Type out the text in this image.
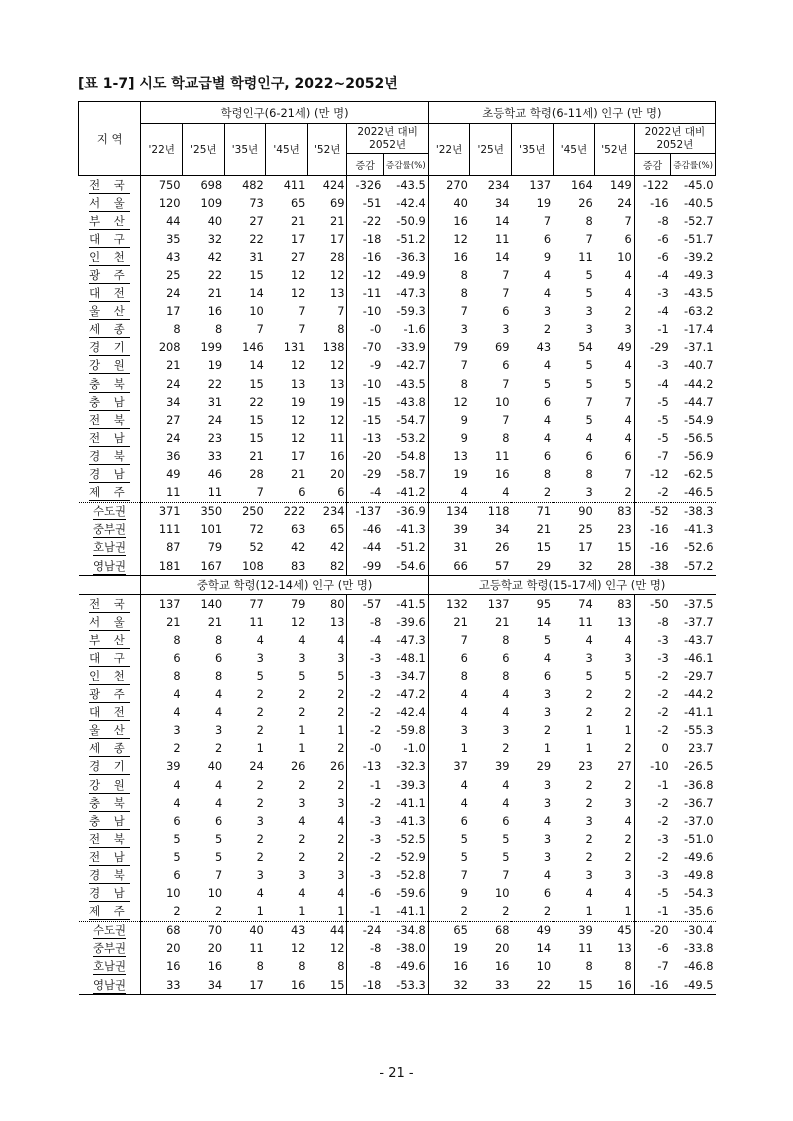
[표 1-7] 시도 학교급별 학령인구, 2022~2052년
지 역	학령인구(6-21세) (만 명)							초등학교 학령(6-11세) 인구 (만 명)						
	'22년	'25년	'35년	'45년	'52년	2022년 대비 2052년		'22년	'25년	'35년	'45년	'52년	2022년 대비 2052년	
						증감	증감률(%)						증감	증감률(%)
전 국	750	698	482	411	424	-326	-43.5	270	234	137	164	149	-122	-45.0
서 울	120	109	73	65	69	-51	-42.4	40	34	19	26	24	-16	-40.5
부 산	44	40	27	21	21	-22	-50.9	16	14	7	8	7	-8	-52.7
대 구	35	32	22	17	17	-18	-51.2	12	11	6	7	6	-6	-51.7
인 천	43	42	31	27	28	-16	-36.3	16	14	9	11	10	-6	-39.2
광 주	25	22	15	12	12	-12	-49.9	8	7	4	5	4	-4	-49.3
대 전	24	21	14	12	13	-11	-47.3	8	7	4	5	4	-3	-43.5
울 산	17	16	10	7	7	-10	-59.3	7	6	3	3	2	-4	-63.2
세 종	8	8	7	7	8	-0	-1.6	3	3	2	3	3	-1	-17.4
경 기	208	199	146	131	138	-70	-33.9	79	69	43	54	49	-29	-37.1
강 원	21	19	14	12	12	-9	-42.7	7	6	4	5	4	-3	-40.7
충 북	24	22	15	13	13	-10	-43.5	8	7	5	5	5	-4	-44.2
충 남	34	31	22	19	19	-15	-43.8	12	10	6	7	7	-5	-44.7
전 북	27	24	15	12	12	-15	-54.7	9	7	4	5	4	-5	-54.9
전 남	24	23	15	12	11	-13	-53.2	9	8	4	4	4	-5	-56.5
경 북	36	33	21	17	16	-20	-54.8	13	11	6	6	6	-7	-56.9
경 남	49	46	28	21	20	-29	-58.7	19	16	8	8	7	-12	-62.5
제 주	11	11	7	6	6	-4	-41.2	4	4	2	3	2	-2	-46.5
수도권	371	350	250	222	234	-137	-36.9	134	118	71	90	83	-52	-38.3
중부권	111	101	72	63	65	-46	-41.3	39	34	21	25	23	-16	-41.3
호남권	87	79	52	42	42	-44	-51.2	31	26	15	17	15	-16	-52.6
영남권	181	167	108	83	82	-99	-54.6	66	57	29	32	28	-38	-57.2
	중학교 학령(12-14세) 인구 (만 명)							고등학교 학령(15-17세) 인구 (만 명)						
전 국	137	140	77	79	80	-57	-41.5	132	137	95	74	83	-50	-37.5
서 울	21	21	11	12	13	-8	-39.6	21	21	14	11	13	-8	-37.7
부 산	8	8	4	4	4	-4	-47.3	7	8	5	4	4	-3	-43.7
대 구	6	6	3	3	3	-3	-48.1	6	6	4	3	3	-3	-46.1
인 천	8	8	5	5	5	-3	-34.7	8	8	6	5	5	-2	-29.7
광 주	4	4	2	2	2	-2	-47.2	4	4	3	2	2	-2	-44.2
대 전	4	4	2	2	2	-2	-42.4	4	4	3	2	2	-2	-41.1
울 산	3	3	2	1	1	-2	-59.8	3	3	2	1	1	-2	-55.3
세 종	2	2	1	1	2	-0	-1.0	1	2	1	1	2	0	23.7
경 기	39	40	24	26	26	-13	-32.3	37	39	29	23	27	-10	-26.5
강 원	4	4	2	2	2	-1	-39.3	4	4	3	2	2	-1	-36.8
충 북	4	4	2	3	3	-2	-41.1	4	4	3	2	3	-2	-36.7
충 남	6	6	3	4	4	-3	-41.3	6	6	4	3	4	-2	-37.0
전 북	5	5	2	2	2	-3	-52.5	5	5	3	2	2	-3	-51.0
전 남	5	5	2	2	2	-2	-52.9	5	5	3	2	2	-2	-49.6
경 북	6	7	3	3	3	-3	-52.8	7	7	4	3	3	-3	-49.8
경 남	10	10	4	4	4	-6	-59.6	9	10	6	4	4	-5	-54.3
제 주	2	2	1	1	1	-1	-41.1	2	2	2	1	1	-1	-35.6
수도권	68	70	40	43	44	-24	-34.8	65	68	49	39	45	-20	-30.4
중부권	20	20	11	12	12	-8	-38.0	19	20	14	11	13	-6	-33.8
호남권	16	16	8	8	8	-8	-49.6	16	16	10	8	8	-7	-46.8
영남권	33	34	17	16	15	-18	-53.3	32	33	22	15	16	-16	-49.5
- 21 -
